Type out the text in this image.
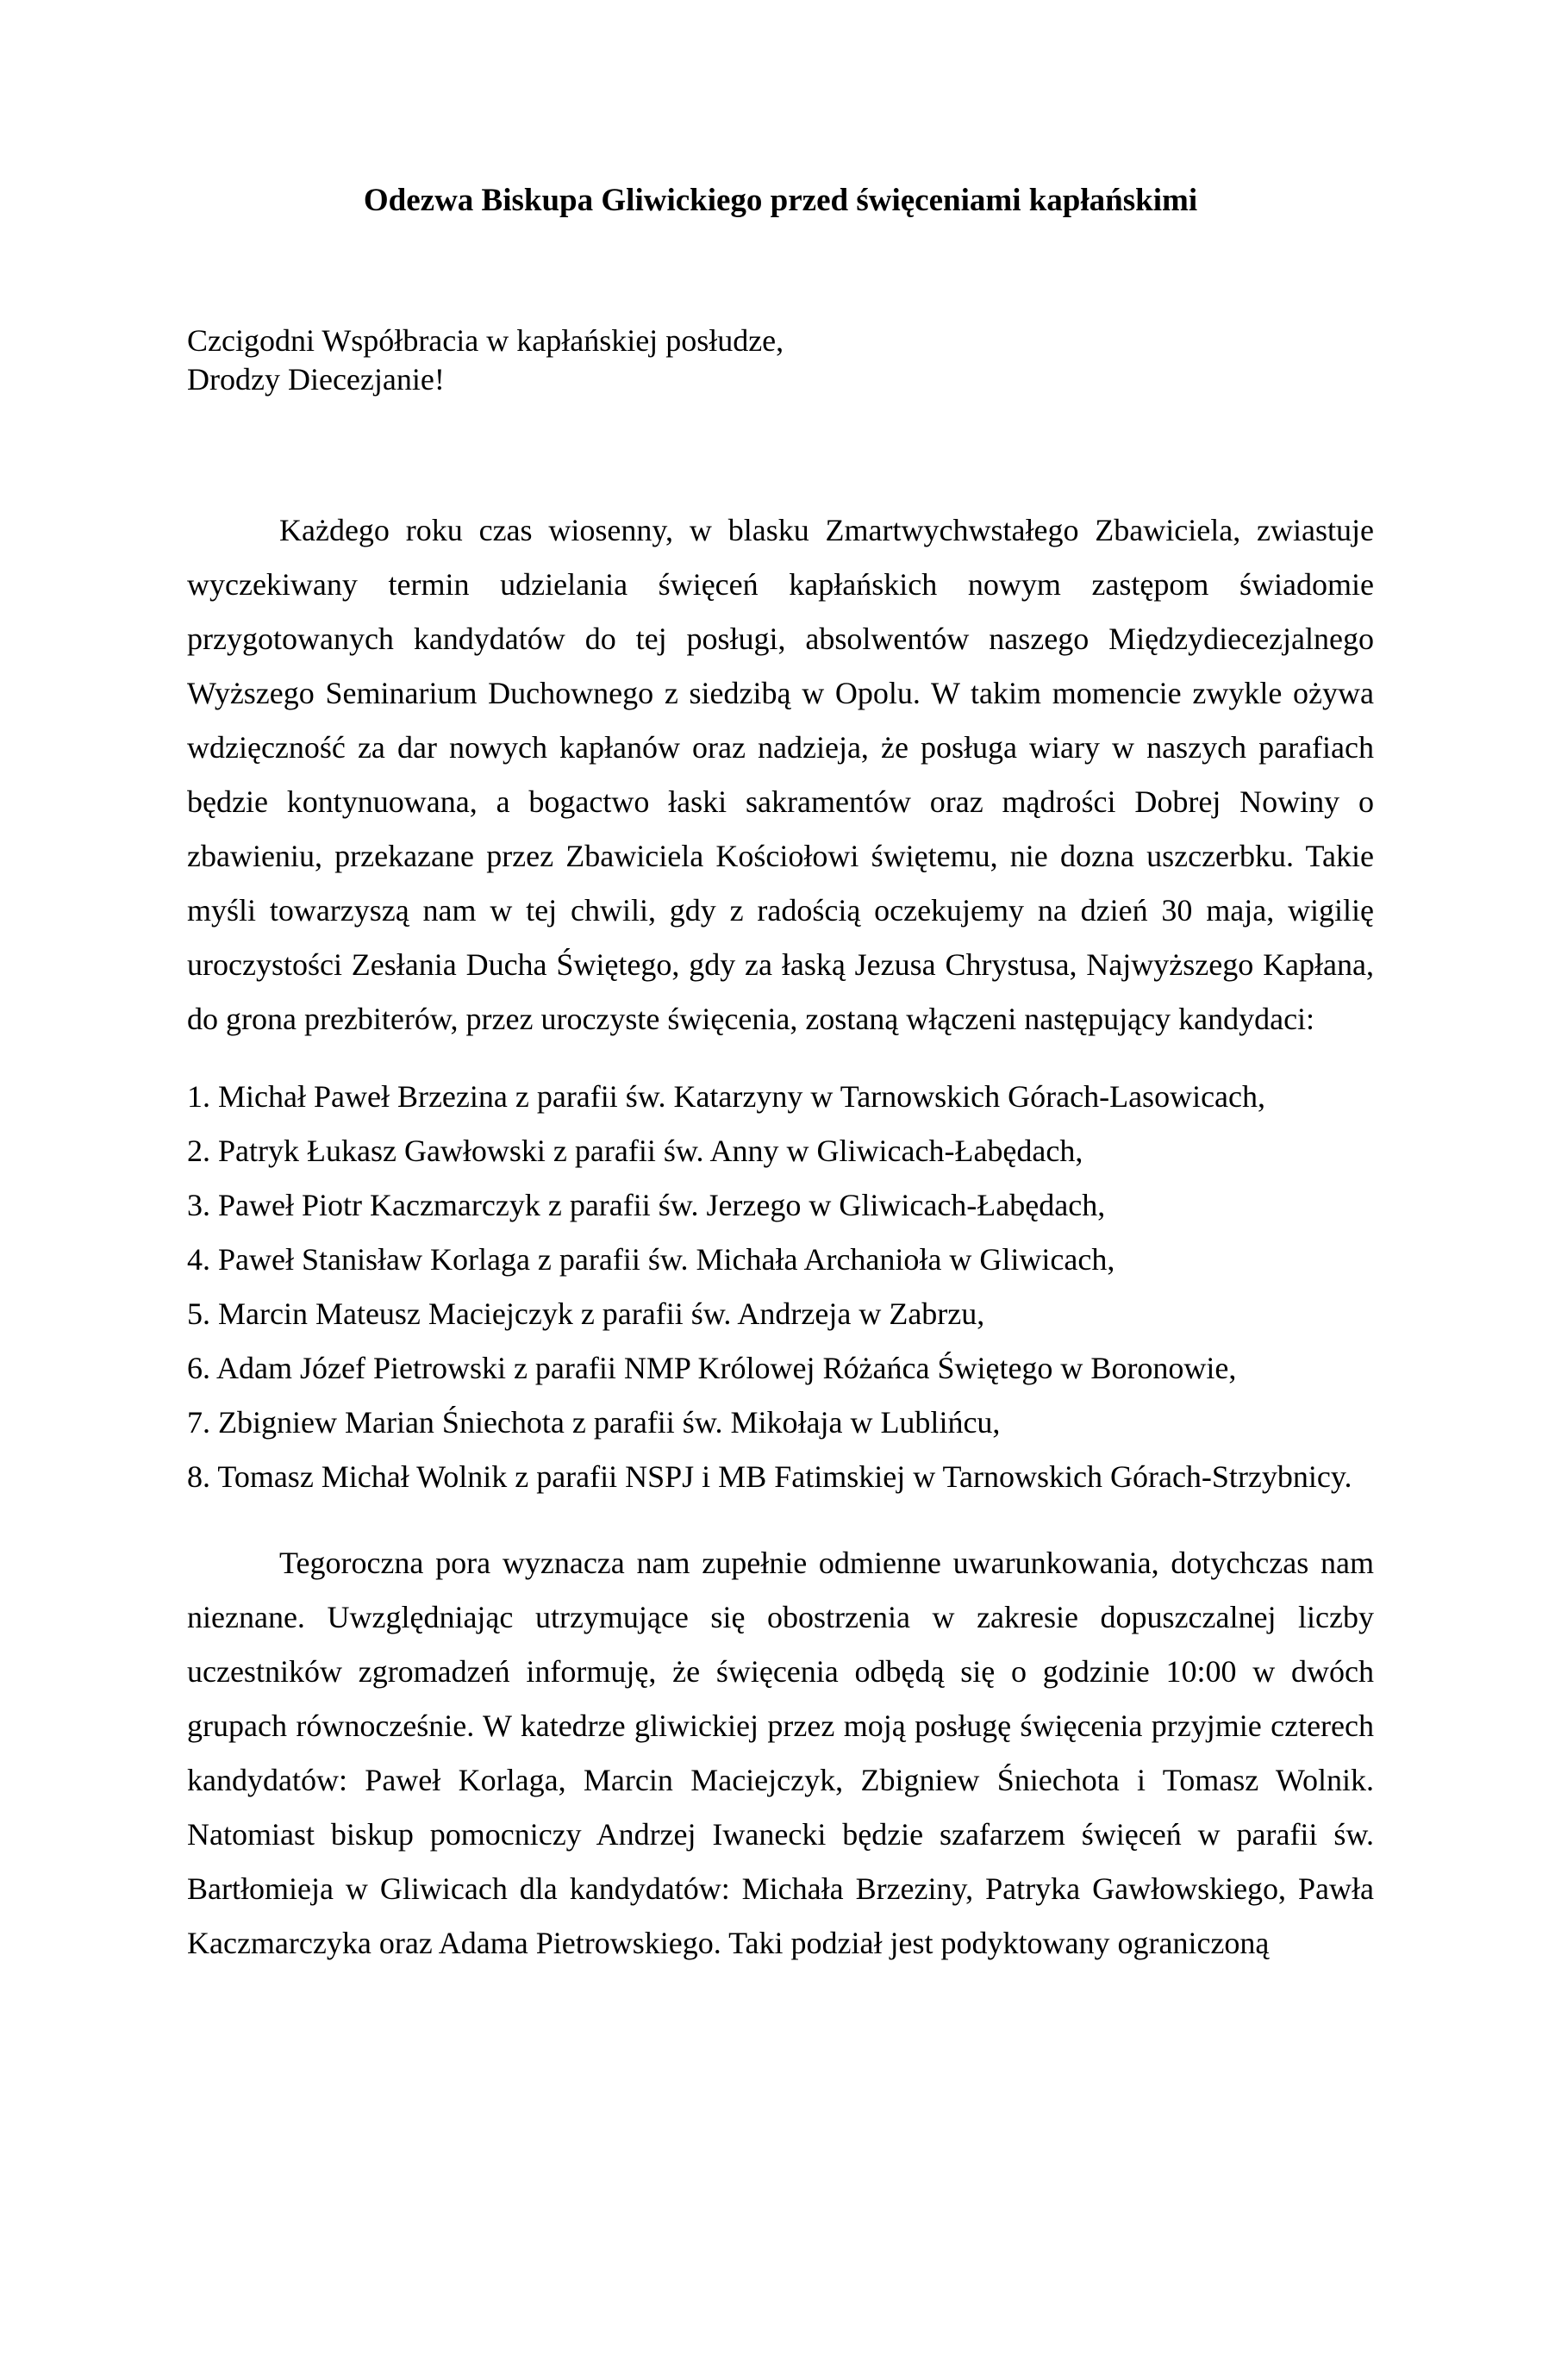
Odezwa Biskupa Gliwickiego przed święceniami kapłańskimi
Czcigodni Współbracia w kapłańskiej posłudze,
Drodzy Diecezjanie!

Każdego roku czas wiosenny, w blasku Zmartwychwstałego Zbawiciela, zwiastuje wyczekiwany termin udzielania święceń kapłańskich nowym zastępom świadomie przygotowanych kandydatów do tej posługi, absolwentów naszego Międzydiecezjalnego Wyższego Seminarium Duchownego z siedzibą w Opolu. W takim momencie zwykle ożywa wdzięczność za dar nowych kapłanów oraz nadzieja, że posługa wiary w naszych parafiach będzie kontynuowana, a bogactwo łaski sakramentów oraz mądrości Dobrej Nowiny o zbawieniu, przekazane przez Zbawiciela Kościołowi świętemu, nie dozna uszczerbku. Takie myśli towarzyszą nam w tej chwili, gdy z radością oczekujemy na dzień 30 maja, wigilię uroczystości Zesłania Ducha Świętego, gdy za łaską Jezusa Chrystusa, Najwyższego Kapłana, do grona prezbiterów, przez uroczyste święcenia, zostaną włączeni następujący kandydaci:

1. Michał Paweł Brzezina z parafii św. Katarzyny w Tarnowskich Górach-Lasowicach,
2. Patryk Łukasz Gawłowski z parafii św. Anny w Gliwicach-Łabędach,
3. Paweł Piotr Kaczmarczyk z parafii św. Jerzego w Gliwicach-Łabędach,
4. Paweł Stanisław Korlaga z parafii św. Michała Archanioła w Gliwicach,
5. Marcin Mateusz Maciejczyk z parafii św. Andrzeja w Zabrzu,
6. Adam Józef Pietrowski z parafii NMP Królowej Różańca Świętego w Boronowie,
7. Zbigniew Marian Śniechota z parafii św. Mikołaja w Lublińcu,
8. Tomasz Michał Wolnik z parafii NSPJ i MB Fatimskiej w Tarnowskich Górach-Strzybnicy.

Tegoroczna pora wyznacza nam zupełnie odmienne uwarunkowania, dotychczas nam nieznane. Uwzględniając utrzymujące się obostrzenia w zakresie dopuszczalnej liczby uczestników zgromadzeń informuję, że święcenia odbędą się o godzinie 10:00 w dwóch grupach równocześnie. W katedrze gliwickiej przez moją posługę święcenia przyjmie czterech kandydatów: Paweł Korlaga, Marcin Maciejczyk, Zbigniew Śniechota i Tomasz Wolnik. Natomiast biskup pomocniczy Andrzej Iwanecki będzie szafarzem święceń w parafii św. Bartłomieja w Gliwicach dla kandydatów: Michała Brzeziny, Patryka Gawłowskiego, Pawła Kaczmarczyka oraz Adama Pietrowskiego. Taki podział jest podyktowany ograniczoną
